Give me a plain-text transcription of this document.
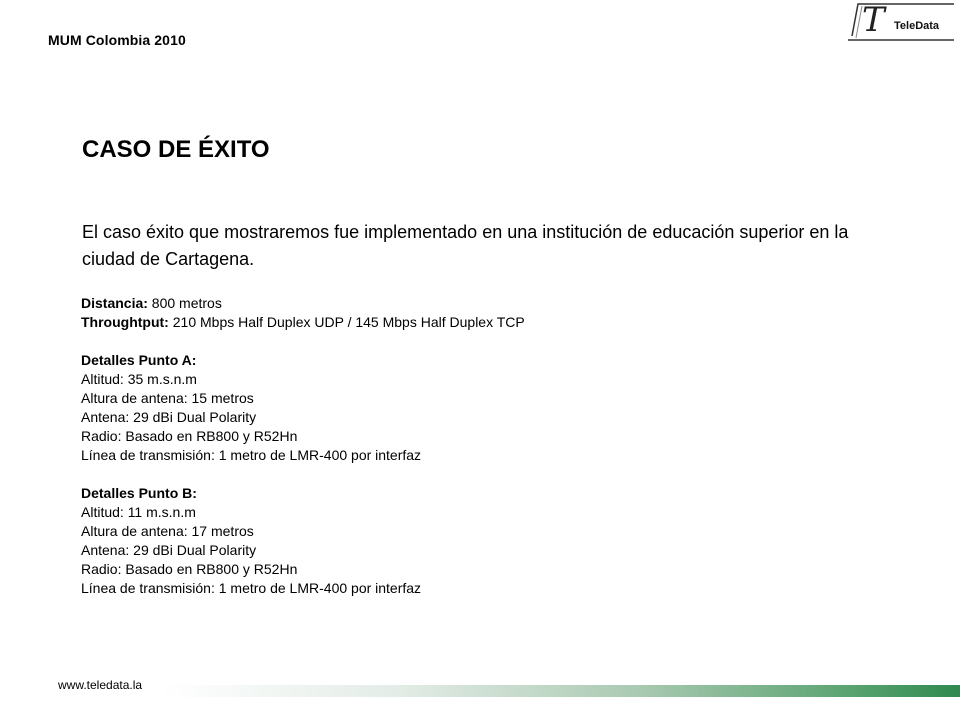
MUM Colombia 2010	T TeleData
CASO DE ÉXITO
El caso éxito que mostraremos fue implementado en una institución de educación superior en la ciudad de Cartagena.
Distancia: 800 metros
Throughtput: 210 Mbps Half Duplex UDP / 145 Mbps Half Duplex TCP
Detalles Punto A:
Altitud: 35 m.s.n.m
Altura de antena: 15 metros
Antena: 29 dBi Dual Polarity
Radio: Basado en RB800 y R52Hn
Línea de transmisión: 1 metro de LMR-400 por interfaz
Detalles Punto B:
Altitud: 11 m.s.n.m
Altura de antena: 17 metros
Antena: 29 dBi Dual Polarity
Radio: Basado en RB800 y R52Hn
Línea de transmisión: 1 metro de LMR-400 por interfaz
www.teledata.la
